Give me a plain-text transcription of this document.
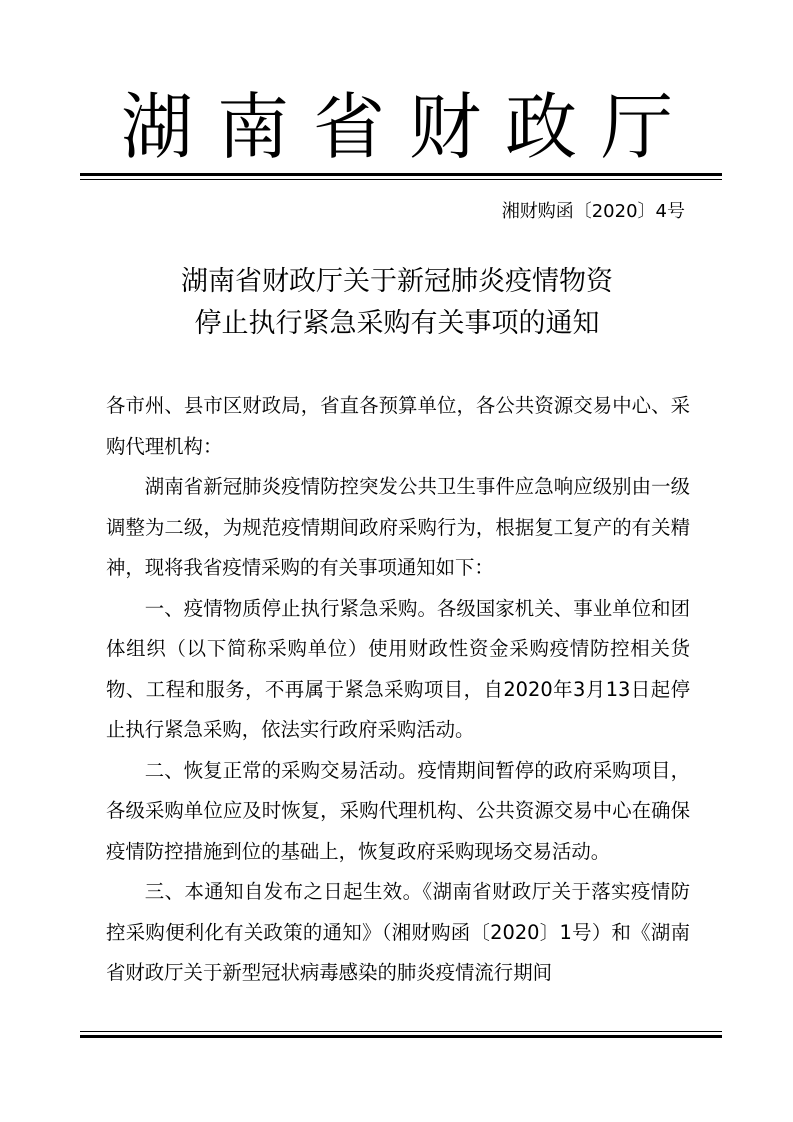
湖南省财政厅
湘财购函〔2020〕4号
湖南省财政厅关于新冠肺炎疫情物资
停止执行紧急采购有关事项的通知

各市州、县市区财政局，省直各预算单位，各公共资源交易中心、采购代理机构：

湖南省新冠肺炎疫情防控突发公共卫生事件应急响应级别由一级调整为二级，为规范疫情期间政府采购行为，根据复工复产的有关精神，现将我省疫情采购的有关事项通知如下：

一、疫情物质停止执行紧急采购。各级国家机关、事业单位和团体组织（以下简称采购单位）使用财政性资金采购疫情防控相关货物、工程和服务，不再属于紧急采购项目，自2020年3月13日起停止执行紧急采购，依法实行政府采购活动。

二、恢复正常的采购交易活动。疫情期间暂停的政府采购项目，各级采购单位应及时恢复，采购代理机构、公共资源交易中心在确保疫情防控措施到位的基础上，恢复政府采购现场交易活动。

三、本通知自发布之日起生效。《湖南省财政厅关于落实疫情防控采购便利化有关政策的通知》（湘财购函〔2020〕1号）和《湖南省财政厅关于新型冠状病毒感染的肺炎疫情流行期间
